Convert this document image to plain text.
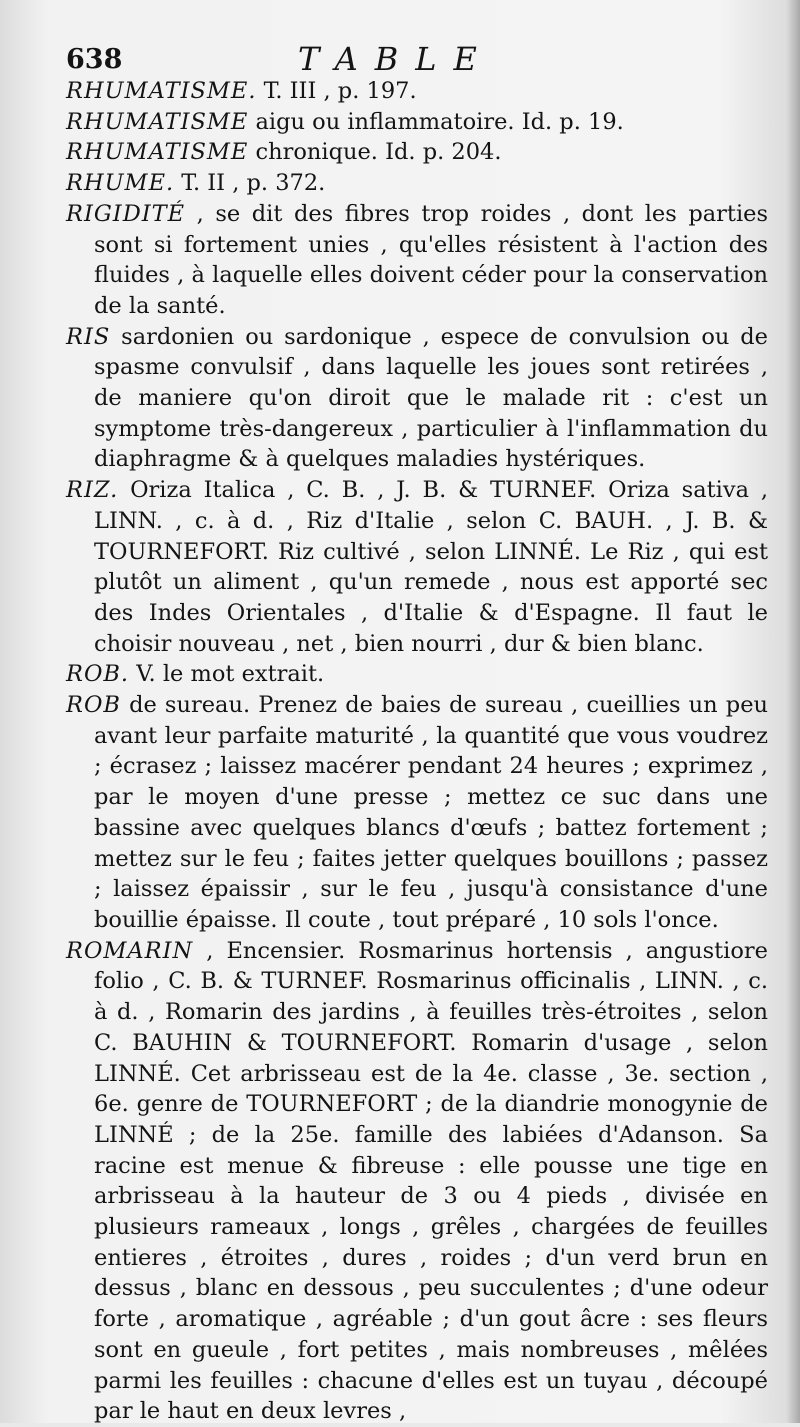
638	TABLE

RHUMATISME. T. III , p. 197.

RHUMATISME aigu ou inflammatoire. Id. p. 19.

RHUMATISME chronique. Id. p. 204.

RHUME. T. II , p. 372.

RIGIDITÉ , se dit des fibres trop roides , dont les parties sont si fortement unies , qu'elles résistent à l'action des fluides , à laquelle elles doivent céder pour la conservation de la santé.

RIS sardonien ou sardonique , espece de convulsion ou de spasme convulsif , dans laquelle les joues sont retirées , de maniere qu'on diroit que le malade rit : c'est un symptome très-dangereux , particulier à l'inflammation du diaphragme & à quelques maladies hystériques.

RIZ. Oriza Italica , C. B. , J. B. & TURNEF. Oriza sativa , LINN. , c. à d. , Riz d'Italie , selon C. BAUH. , J. B. & TOURNEFORT. Riz cultivé , selon LINNÉ. Le Riz , qui est plutôt un aliment , qu'un remede , nous est apporté sec des Indes Orientales , d'Italie & d'Espagne. Il faut le choisir nouveau , net , bien nourri , dur & bien blanc.

ROB. V. le mot extrait.

ROB de sureau. Prenez de baies de sureau , cueillies un peu avant leur parfaite maturité , la quantité que vous voudrez ; écrasez ; laissez macérer pendant 24 heures ; exprimez , par le moyen d'une presse ; mettez ce suc dans une bassine avec quelques blancs d'œufs ; battez fortement ; mettez sur le feu ; faites jetter quelques bouillons ; passez ; laissez épaissir , sur le feu , jusqu'à consistance d'une bouillie épaisse. Il coute , tout préparé , 10 sols l'once.

ROMARIN , Encensier. Rosmarinus hortensis , angustiore folio , C. B. & TURNEF. Rosmarinus officinalis , LINN. , c. à d. , Romarin des jardins , à feuilles très-étroites , selon C. BAUHIN & TOURNEFORT. Romarin d'usage , selon LINNÉ. Cet arbrisseau est de la 4e. classe , 3e. section , 6e. genre de TOURNEFORT ; de la diandrie monogynie de LINNÉ ; de la 25e. famille des labiées d'Adanson. Sa racine est menue & fibreuse : elle pousse une tige en arbrisseau à la hauteur de 3 ou 4 pieds , divisée en plusieurs rameaux , longs , grêles , chargées de feuilles entieres , étroites , dures , roides ; d'un verd brun en dessus , blanc en dessous , peu succulentes ; d'une odeur forte , aromatique , agréable ; d'un gout âcre : ses fleurs sont en gueule , fort petites , mais nombreuses , mêlées parmi les feuilles : chacune d'elles est un tuyau , découpé par le haut en deux levres ,
